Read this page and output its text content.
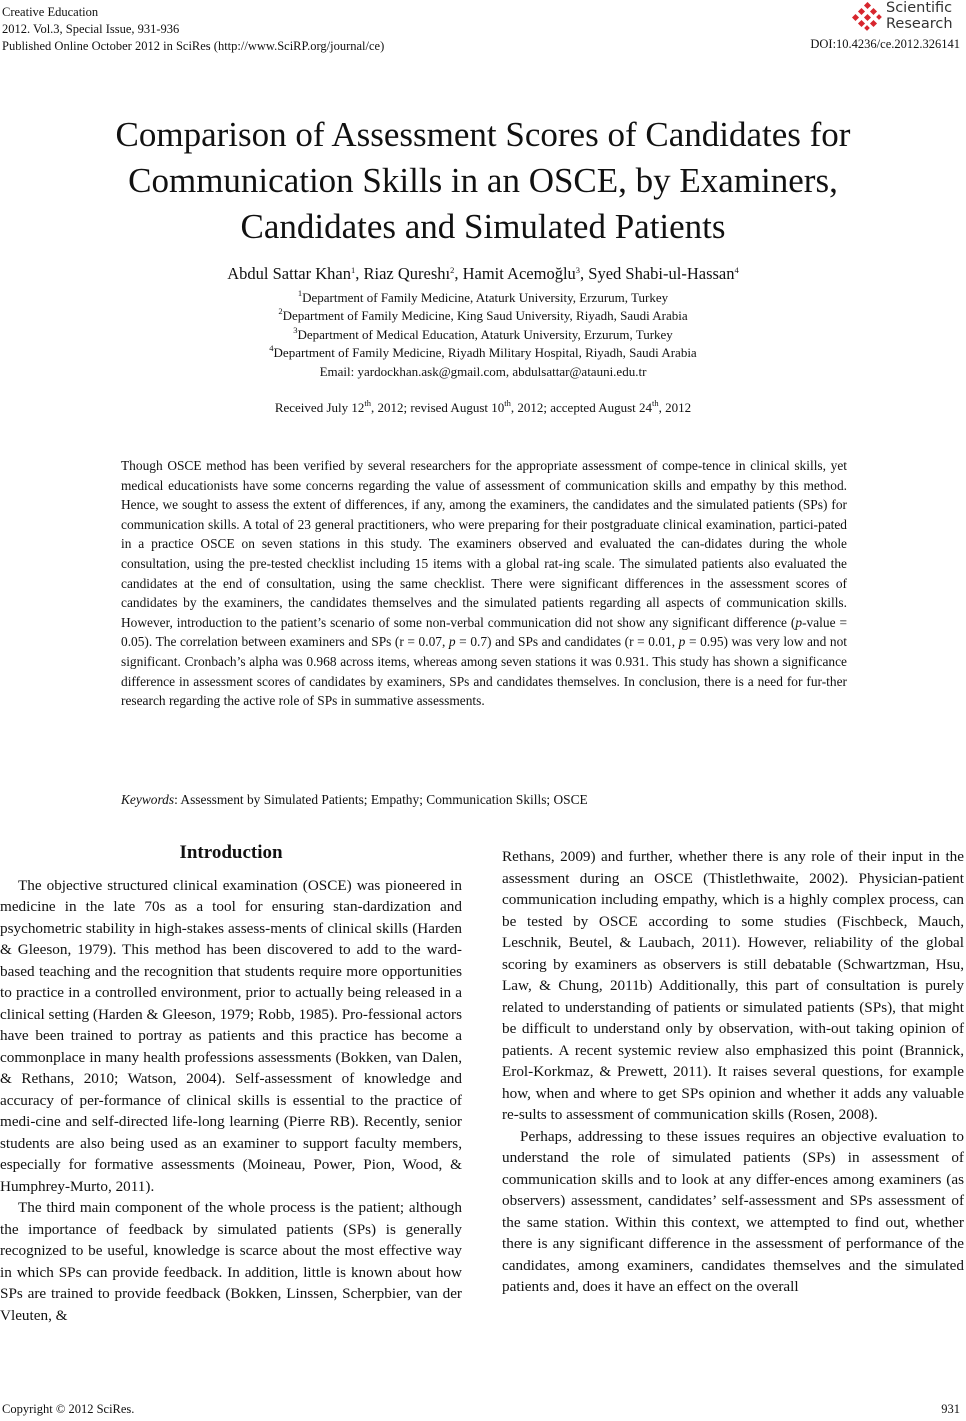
Creative Education
2012. Vol.3, Special Issue, 931-936
Published Online October 2012 in SciRes (http://www.SciRP.org/journal/ce)
Scientific
Research
DOI:10.4236/ce.2012.326141
Comparison of Assessment Scores of Candidates for
Communication Skills in an OSCE, by Examiners,
Candidates and Simulated Patients
Abdul Sattar Khan$^1$, Riaz Qureshı$^2$, Hamit Acemoğlu$^3$, Syed Shabi-ul-Hassan$^4$
$^1$Department of Family Medicine, Ataturk University, Erzurum, Turkey
$^2$Department of Family Medicine, King Saud University, Riyadh, Saudi Arabia
$^3$Department of Medical Education, Ataturk University, Erzurum, Turkey
$^4$Department of Family Medicine, Riyadh Military Hospital, Riyadh, Saudi Arabia
Email: yardockhan.ask@gmail.com, abdulsattar@atauni.edu.tr
Received July 12th, 2012; revised August 10th, 2012; accepted August 24th, 2012
Though OSCE method has been verified by several researchers for the appropriate assessment of compe-tence in clinical skills, yet medical educationists have some concerns regarding the value of assessment of communication skills and empathy by this method. Hence, we sought to assess the extent of differences, if any, among the examiners, the candidates and the simulated patients (SPs) for communication skills. A total of 23 general practitioners, who were preparing for their postgraduate clinical examination, partici-pated in a practice OSCE on seven stations in this study. The examiners observed and evaluated the can-didates during the whole consultation, using the pre-tested checklist including 15 items with a global rat-ing scale. The simulated patients also evaluated the candidates at the end of consultation, using the same checklist. There were significant differences in the assessment scores of candidates by the examiners, the candidates themselves and the simulated patients regarding all aspects of communication skills. However, introduction to the patient’s scenario of some non-verbal communication did not show any significant difference (p-value = 0.05). The correlation between examiners and SPs (r = 0.07, p = 0.7) and SPs and candidates (r = 0.01, p = 0.95) was very low and not significant. Cronbach’s alpha was 0.968 across items, whereas among seven stations it was 0.931. This study has shown a significance difference in assessment scores of candidates by examiners, SPs and candidates themselves. In conclusion, there is a need for fur-ther research regarding the active role of SPs in summative assessments.
Keywords: Assessment by Simulated Patients; Empathy; Communication Skills; OSCE
Introduction

The objective structured clinical examination (OSCE) was pioneered in medicine in the late 70s as a tool for ensuring stan-dardization and psychometric stability in high-stakes assess-ments of clinical skills (Harden & Gleeson, 1979). This method has been discovered to add to the ward-based teaching and the recognition that students require more opportunities to practice in a controlled environment, prior to actually being released in a clinical setting (Harden & Gleeson, 1979; Robb, 1985). Pro-fessional actors have been trained to portray as patients and this practice has become a commonplace in many health professions assessments (Bokken, van Dalen, & Rethans, 2010; Watson, 2004). Self-assessment of knowledge and accuracy of per-formance of clinical skills is essential to the practice of medi-cine and self-directed life-long learning (Pierre RB). Recently, senior students are also being used as an examiner to support faculty members, especially for formative assessments (Moineau, Power, Pion, Wood, & Humphrey-Murto, 2011).

The third main component of the whole process is the patient; although the importance of feedback by simulated patients (SPs) is generally recognized to be useful, knowledge is scarce about the most effective way in which SPs can provide feedback. In addition, little is known about how SPs are trained to provide feedback (Bokken, Linssen, Scherpbier, van der Vleuten, &

Rethans, 2009) and further, whether there is any role of their input in the assessment during an OSCE (Thistlethwaite, 2002). Physician-patient communication including empathy, which is a highly complex process, can be tested by OSCE according to some studies (Fischbeck, Mauch, Leschnik, Beutel, & Laubach, 2011). However, reliability of the global scoring by examiners as observers is still debatable (Schwartzman, Hsu, Law, & Chung, 2011b) Additionally, this part of consultation is purely related to understanding of patients or simulated patients (SPs), that might be difficult to understand only by observation, with-out taking opinion of patients. A recent systemic review also emphasized this point (Brannick, Erol-Korkmaz, & Prewett, 2011). It raises several questions, for example how, when and where to get SPs opinion and whether it adds any valuable re-sults to assessment of communication skills (Rosen, 2008).

Perhaps, addressing to these issues requires an objective evaluation to understand the role of simulated patients (SPs) in assessment of communication skills and to look at any differ-ences among examiners (as observers) assessment, candidates’ self-assessment and SPs assessment of the same station. Within this context, we attempted to find out, whether there is any significant difference in the assessment of performance of the candidates, among examiners, candidates themselves and the simulated patients and, does it have an effect on the overall

Copyright © 2012 SciRes.	931
